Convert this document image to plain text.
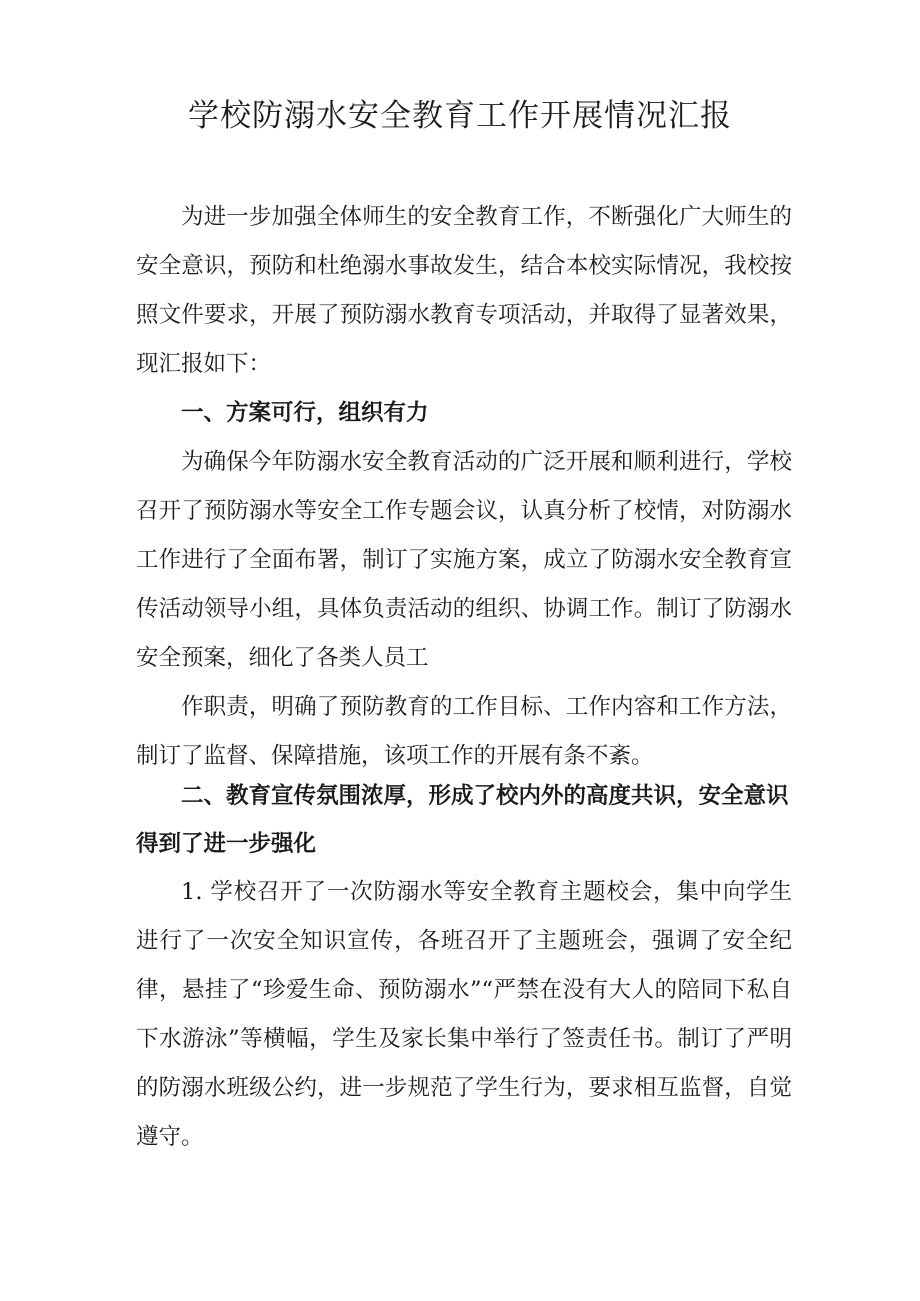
学校防溺水安全教育工作开展情况汇报

为进一步加强全体师生的安全教育工作，不断强化广大师生的安全意识，预防和杜绝溺水事故发生，结合本校实际情况，我校按照文件要求，开展了预防溺水教育专项活动，并取得了显著效果，现汇报如下：

一、方案可行，组织有力

为确保今年防溺水安全教育活动的广泛开展和顺利进行，学校召开了预防溺水等安全工作专题会议，认真分析了校情，对防溺水工作进行了全面布署，制订了实施方案，成立了防溺水安全教育宣传活动领导小组，具体负责活动的组织、协调工作。制订了防溺水安全预案，细化了各类人员工

作职责，明确了预防教育的工作目标、工作内容和工作方法，制订了监督、保障措施，该项工作的开展有条不紊。

二、教育宣传氛围浓厚，形成了校内外的高度共识，安全意识得到了进一步强化

1. 学校召开了一次防溺水等安全教育主题校会，集中向学生进行了一次安全知识宣传，各班召开了主题班会，强调了安全纪律，悬挂了“珍爱生命、预防溺水”“严禁在没有大人的陪同下私自下水游泳”等横幅，学生及家长集中举行了签责任书。制订了严明的防溺水班级公约，进一步规范了学生行为，要求相互监督，自觉遵守。
